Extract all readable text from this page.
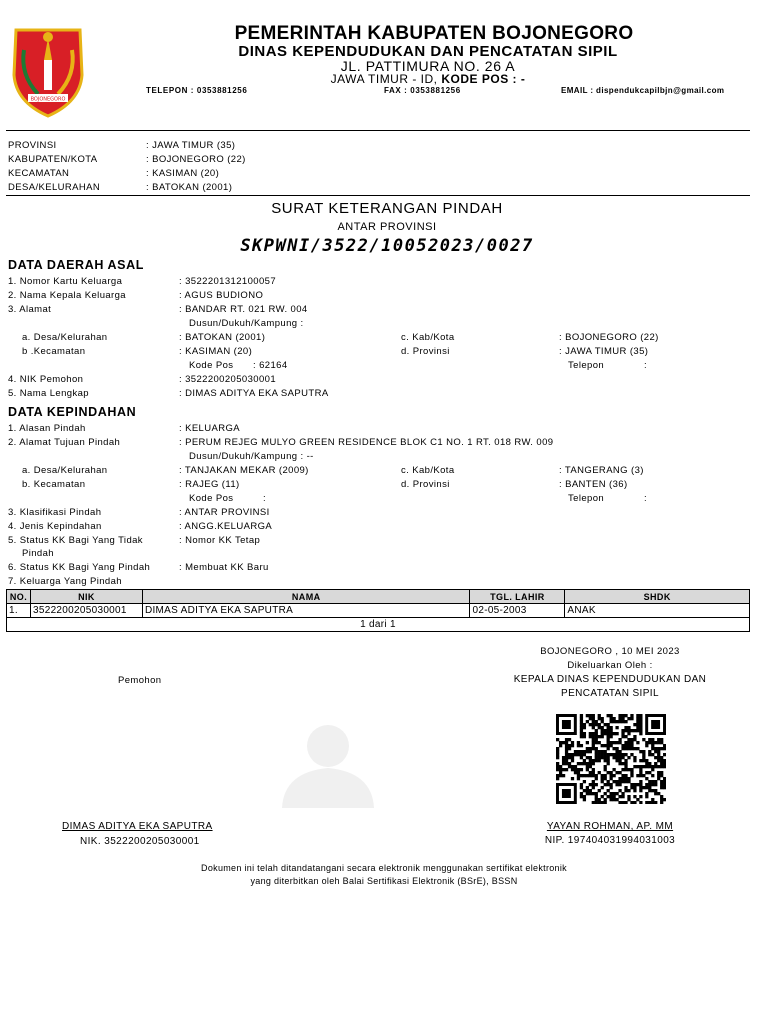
BOJONEGORO
PEMERINTAH KABUPATEN BOJONEGORO
DINAS KEPENDUDUKAN DAN PENCATATAN SIPIL
JL. PATTIMURA NO. 26 A
JAWA TIMUR - ID, KODE POS : -
TELEPON : 0353881256	FAX : 0353881256	EMAIL : dispendukcapilbjn@gmail.com
PROVINSI	: JAWA TIMUR (35)
KABUPATEN/KOTA	: BOJONEGORO (22)
KECAMATAN	: KASIMAN (20)
DESA/KELURAHAN	: BATOKAN (2001)
SURAT KETERANGAN PINDAH
ANTAR PROVINSI
SKPWNI/3522/10052023/0027
DATA DAERAH ASAL
1. Nomor Kartu Keluarga	: 3522201312100057
2. Nama Kepala Keluarga	: AGUS BUDIONO
3. Alamat	: BANDAR RT. 021 RW. 004
Dusun/Dukuh/Kampung :
a. Desa/Kelurahan	: BATOKAN (2001)	c. Kab/Kota	: BOJONEGORO (22)
b .Kecamatan	: KASIMAN (20)	d. Provinsi	: JAWA TIMUR (35)
Kode Pos : 62164	Telepon	:
4. NIK Pemohon	: 3522200205030001
5. Nama Lengkap	: DIMAS ADITYA EKA SAPUTRA
DATA KEPINDAHAN
1. Alasan Pindah	: KELUARGA
2. Alamat Tujuan Pindah	: PERUM REJEG MULYO GREEN RESIDENCE BLOK C1 NO. 1 RT. 018 RW. 009
Dusun/Dukuh/Kampung : --
a. Desa/Kelurahan	: TANJAKAN MEKAR (2009)	c. Kab/Kota	: TANGERANG (3)
b. Kecamatan	: RAJEG (11)	d. Provinsi	: BANTEN (36)
Kode Pos	:	Telepon	:
3. Klasifikasi Pindah	: ANTAR PROVINSI
4. Jenis Kepindahan	: ANGG.KELUARGA
5. Status KK Bagi Yang Tidak	: Nomor KK Tetap
Pindah
6. Status KK Bagi Yang Pindah	: Membuat KK Baru
7. Keluarga Yang Pindah
NO.	NIK	NAMA	TGL. LAHIR	SHDK
1.	3522200205030001	DIMAS ADITYA EKA SAPUTRA	02-05-2003	ANAK
1 dari 1				
BOJONEGORO , 10 MEI 2023
Dikeluarkan Oleh :
KEPALA DINAS KEPENDUDUKAN DAN
PENCATATAN SIPIL
Pemohon
DIMAS ADITYA EKA SAPUTRA
NIK. 3522200205030001
YAYAN ROHMAN, AP. MM
NIP. 197404031994031003
Dokumen ini telah ditandatangani secara elektronik menggunakan sertifikat elektronik
yang diterbitkan oleh Balai Sertifikasi Elektronik (BSrE), BSSN
